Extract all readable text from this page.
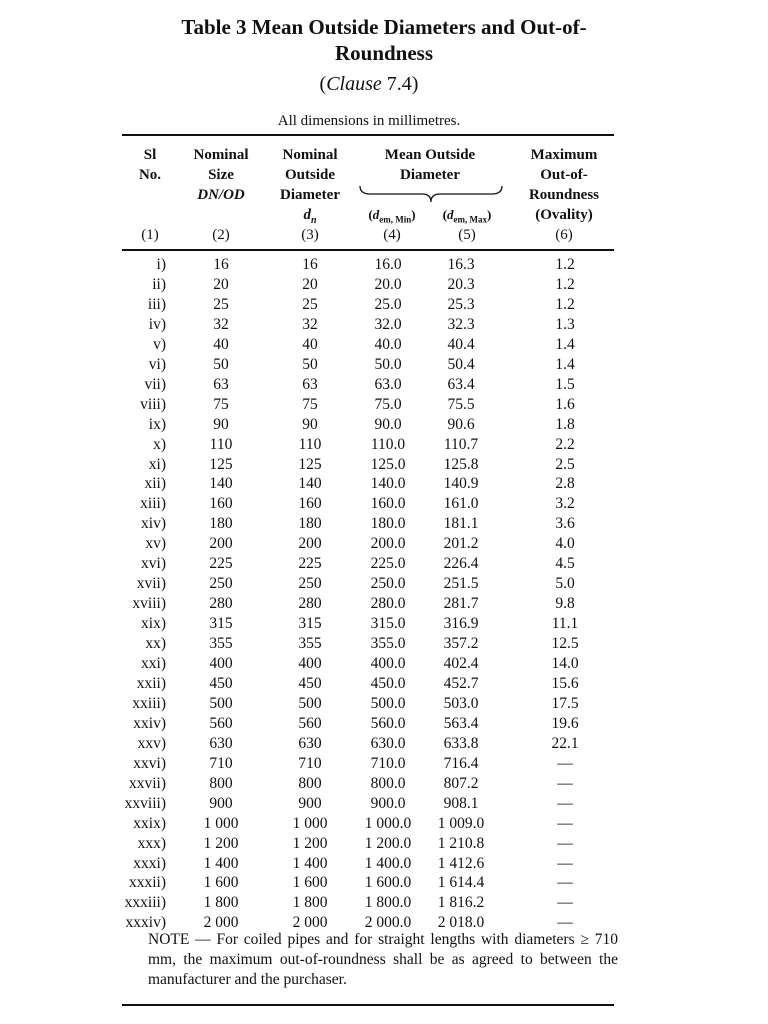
Table 3 Mean Outside Diameters and Out-of-
Roundness
(Clause 7.4)
All dimensions in millimetres.
Sl
No.
Nominal
Size
DN/OD
Nominal
Outside
Diameter
$d_n$
Mean Outside
Diameter
$(d_{em, Min})$	$(d_{em, Max})$
Maximum
Out-of-
Roundness
(Ovality)
(1)	(2)	(3)	(4)	(5)	(6)
i)	16	16	16.0	16.3	1.2
ii)	20	20	20.0	20.3	1.2
iii)	25	25	25.0	25.3	1.2
iv)	32	32	32.0	32.3	1.3
v)	40	40	40.0	40.4	1.4
vi)	50	50	50.0	50.4	1.4
vii)	63	63	63.0	63.4	1.5
viii)	75	75	75.0	75.5	1.6
ix)	90	90	90.0	90.6	1.8
x)	110	110	110.0	110.7	2.2
xi)	125	125	125.0	125.8	2.5
xii)	140	140	140.0	140.9	2.8
xiii)	160	160	160.0	161.0	3.2
xiv)	180	180	180.0	181.1	3.6
xv)	200	200	200.0	201.2	4.0
xvi)	225	225	225.0	226.4	4.5
xvii)	250	250	250.0	251.5	5.0
xviii)	280	280	280.0	281.7	9.8
xix)	315	315	315.0	316.9	11.1
xx)	355	355	355.0	357.2	12.5
xxi)	400	400	400.0	402.4	14.0
xxii)	450	450	450.0	452.7	15.6
xxiii)	500	500	500.0	503.0	17.5
xxiv)	560	560	560.0	563.4	19.6
xxv)	630	630	630.0	633.8	22.1
xxvi)	710	710	710.0	716.4	—
xxvii)	800	800	800.0	807.2	—
xxviii)	900	900	900.0	908.1	—
xxix)	1 000	1 000	1 000.0	1 009.0	—
xxx)	1 200	1 200	1 200.0	1 210.8	—
xxxi)	1 400	1 400	1 400.0	1 412.6	—
xxxii)	1 600	1 600	1 600.0	1 614.4	—
xxxiii)	1 800	1 800	1 800.0	1 816.2	—
xxxiv)	2 000	2 000	2 000.0	2 018.0	—
NOTE — For coiled pipes and for straight lengths with diameters ≥ 710 mm, the maximum out-of-roundness shall be as agreed to between the manufacturer and the purchaser.
